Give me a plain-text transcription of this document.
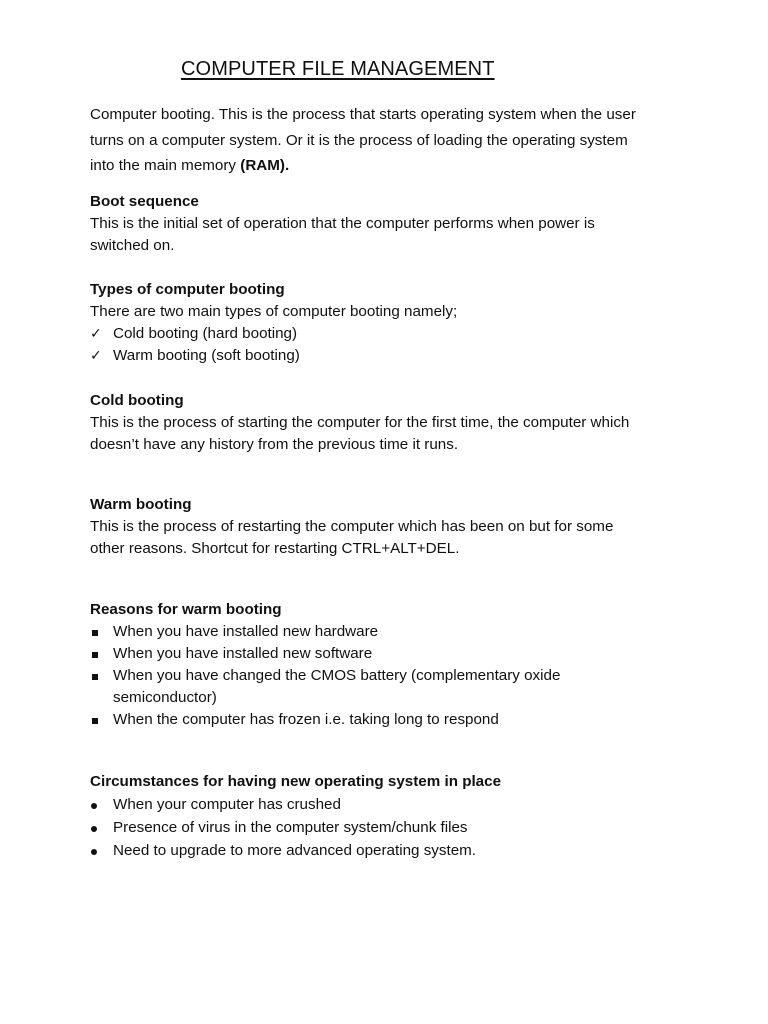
COMPUTER FILE MANAGEMENT
Computer booting. This is the process that starts operating system when the user
turns on a computer system. Or it is the process of loading the operating system
into the main memory (RAM).
Boot sequence
This is the initial set of operation that the computer performs when power is
switched on.
Types of computer booting
There are two main types of computer booting namely;
✓ Cold booting (hard booting)
✓ Warm booting (soft booting)
Cold booting
This is the process of starting the computer for the first time, the computer which
doesn’t have any history from the previous time it runs.
Warm booting
This is the process of restarting the computer which has been on but for some
other reasons. Shortcut for restarting CTRL+ALT+DEL.
Reasons for warm booting
When you have installed new hardware
When you have installed new software
When you have changed the CMOS battery (complementary oxide
semiconductor)
When the computer has frozen i.e. taking long to respond
Circumstances for having new operating system in place
When your computer has crushed
Presence of virus in the computer system/chunk files
Need to upgrade to more advanced operating system.
